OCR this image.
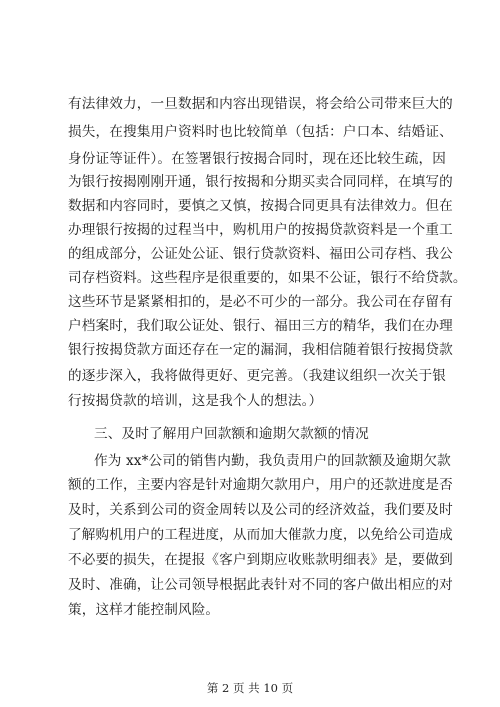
有法律效力，一旦数据和内容出现错误，将会给公司带来巨大的
损失，在搜集用户资料时也比较简单（包括：户口本、结婚证、
身份证等证件）。在签署银行按揭合同时，现在还比较生疏，因
为银行按揭刚刚开通，银行按揭和分期买卖合同同样，在填写的
数据和内容同时，要慎之又慎，按揭合同更具有法律效力。但在
办理银行按揭的过程当中，购机用户的按揭贷款资料是一个重工
的组成部分，公证处公证、银行贷款资料、福田公司存档、我公
司存档资料。这些程序是很重要的，如果不公证，银行不给贷款。
这些环节是紧紧相扣的，是必不可少的一部分。我公司在存留有
户档案时，我们取公证处、银行、福田三方的精华，我们在办理
银行按揭贷款方面还存在一定的漏洞，我相信随着银行按揭贷款
的逐步深入，我将做得更好、更完善。（我建议组织一次关于银
行按揭贷款的培训，这是我个人的想法。）
三、及时了解用户回款额和逾期欠款额的情况
作为 xx*公司的销售内勤，我负责用户的回款额及逾期欠款
额的工作，主要内容是针对逾期欠款用户，用户的还款进度是否
及时，关系到公司的资金周转以及公司的经济效益，我们要及时
了解购机用户的工程进度，从而加大催款力度，以免给公司造成
不必要的损失，在提报《客户到期应收账款明细表》是，要做到
及时、准确，让公司领导根据此表针对不同的客户做出相应的对
策，这样才能控制风险。
第 2 页 共 10 页
